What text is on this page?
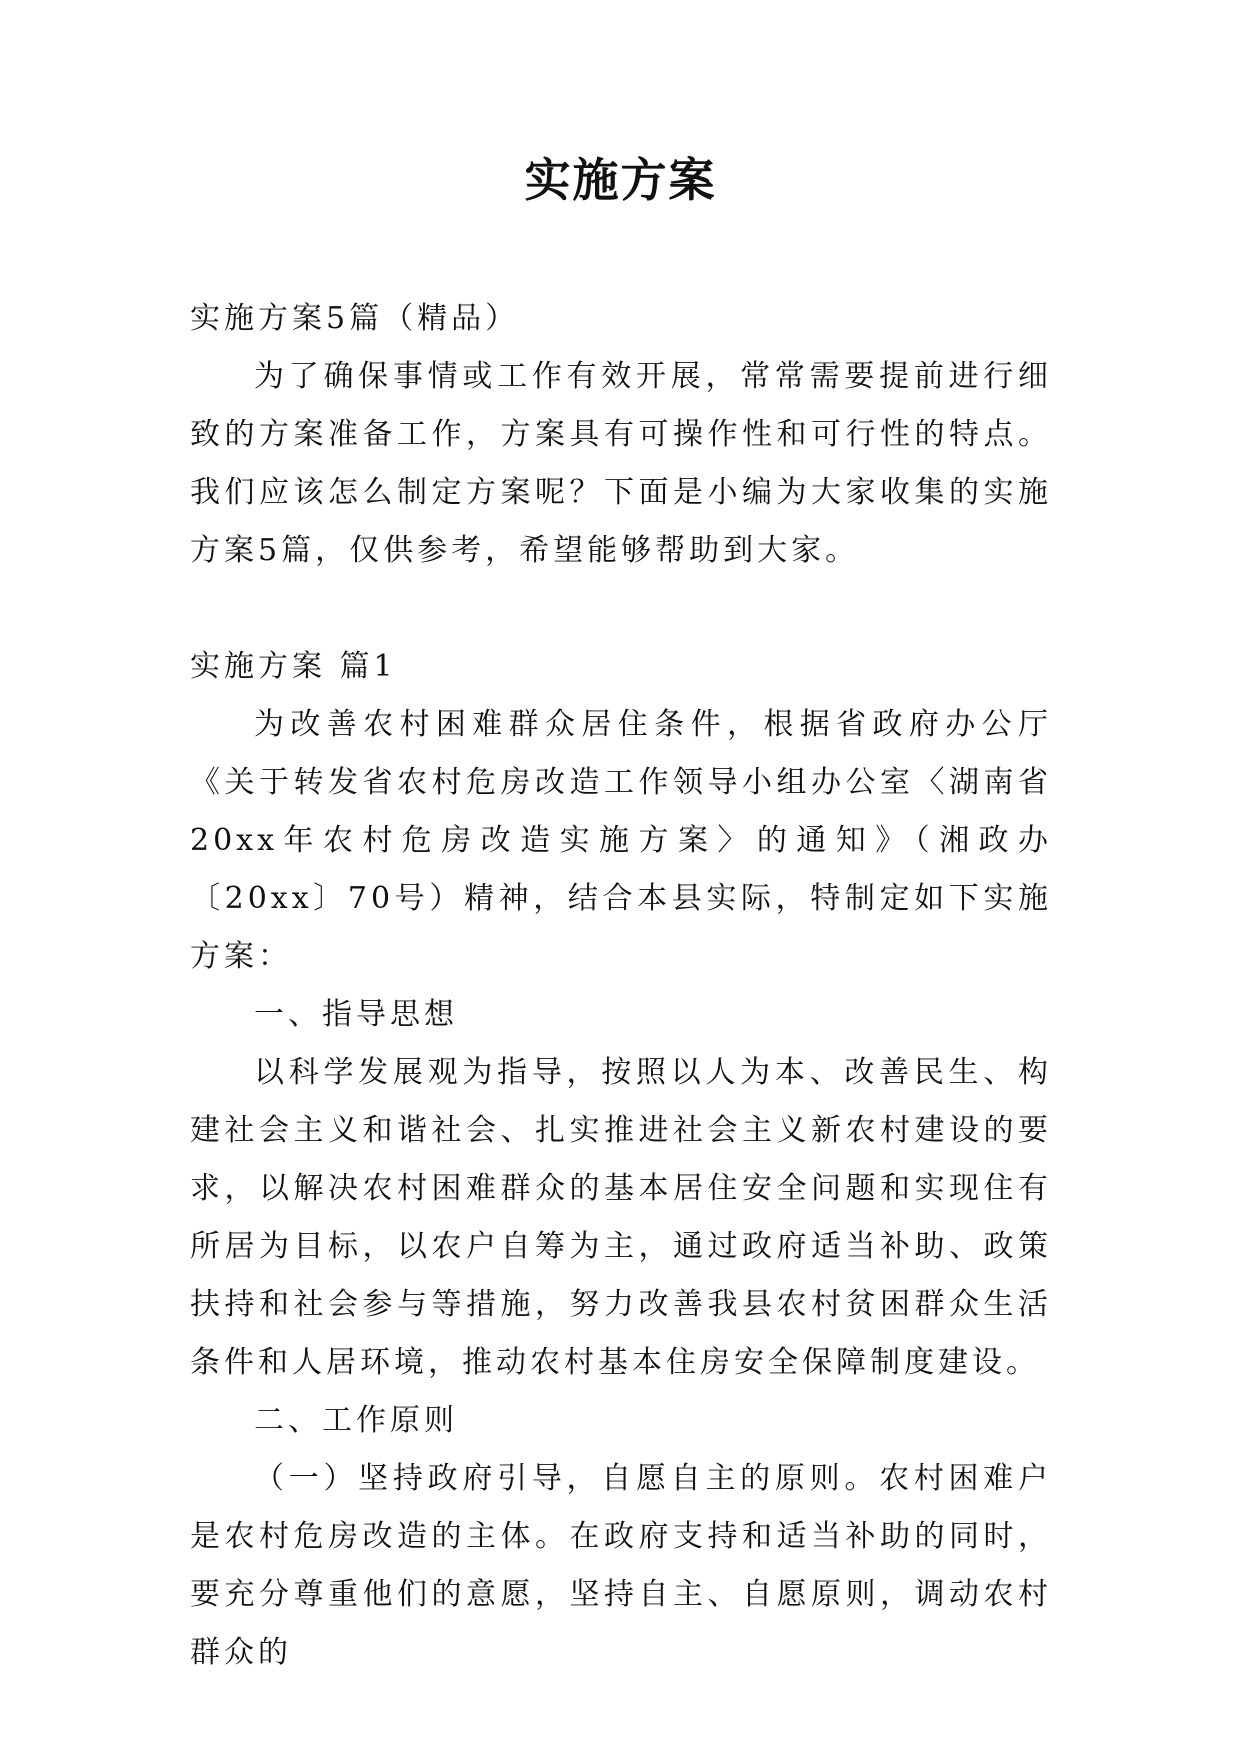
实施方案

实施方案5篇（精品）

为了确保事情或工作有效开展，常常需要提前进行细致的方案准备工作，方案具有可操作性和可行性的特点。我们应该怎么制定方案呢？下面是小编为大家收集的实施方案5篇，仅供参考，希望能够帮助到大家。

实施方案 篇1

为改善农村困难群众居住条件，根据省政府办公厅《关于转发省农村危房改造工作领导小组办公室〈湖南省20xx年农村危房改造实施方案〉的通知》（湘政办〔20xx〕70号）精神，结合本县实际，特制定如下实施方案：

一、指导思想

以科学发展观为指导，按照以人为本、改善民生、构建社会主义和谐社会、扎实推进社会主义新农村建设的要求，以解决农村困难群众的基本居住安全问题和实现住有所居为目标，以农户自筹为主，通过政府适当补助、政策扶持和社会参与等措施，努力改善我县农村贫困群众生活条件和人居环境，推动农村基本住房安全保障制度建设。

二、工作原则

（一）坚持政府引导，自愿自主的原则。农村困难户是农村危房改造的主体。在政府支持和适当补助的同时，要充分尊重他们的意愿，坚持自主、自愿原则，调动农村群众的
